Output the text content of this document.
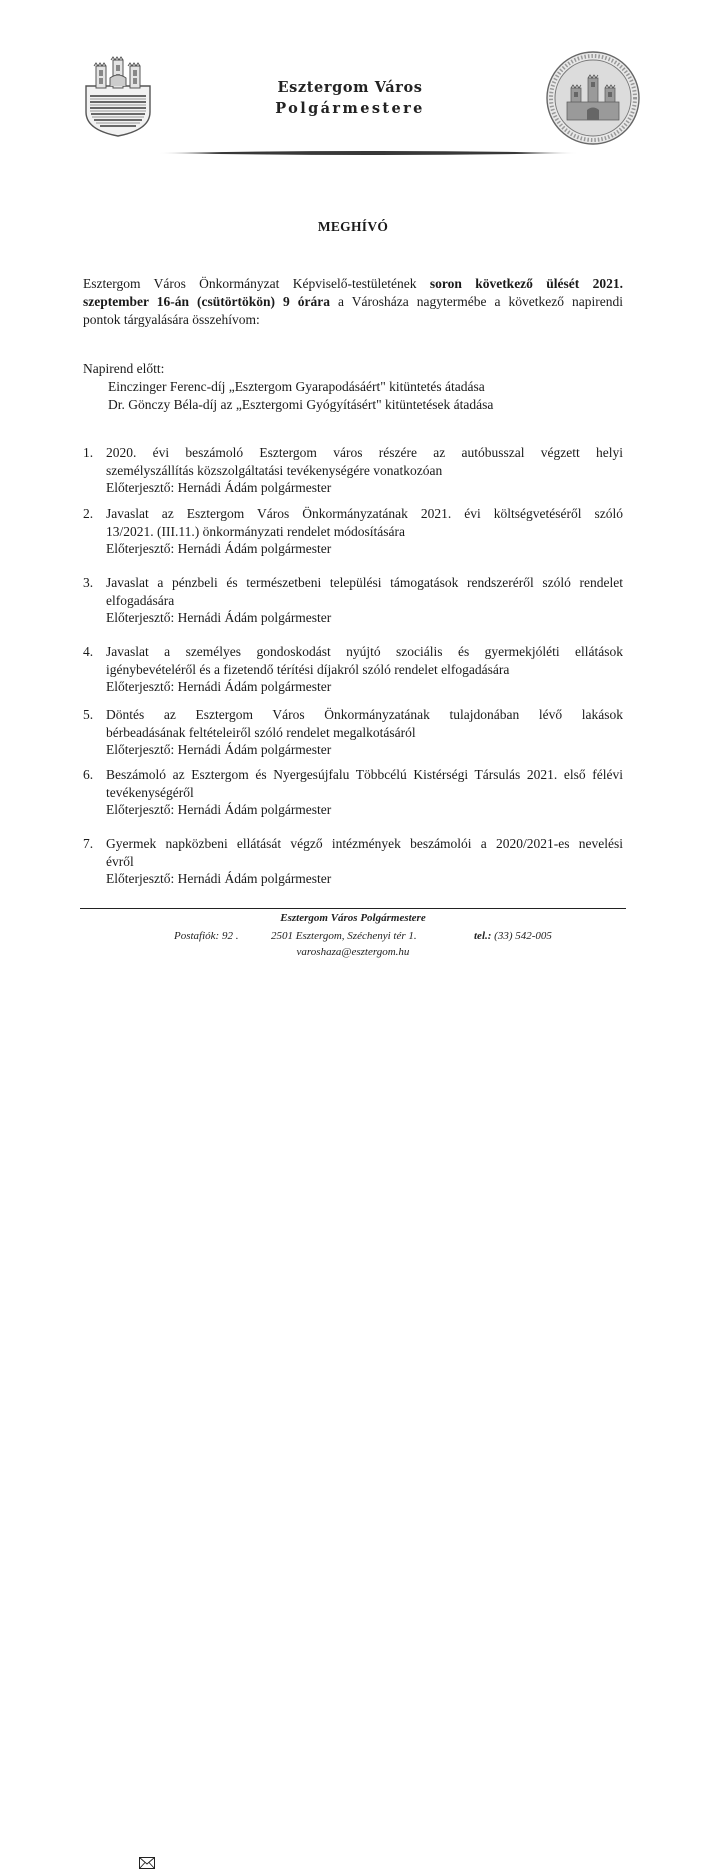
Esztergom Város
Polgármestere
MEGHÍVÓ
Esztergom Város Önkormányzat Képviselő-testületének soron következő ülését 2021.
szeptember 16-án (csütörtökön) 9 órára a Városháza nagytermébe a következő napirendi
pontok tárgyalására összehívom:
Napirend előtt:
Einczinger Ferenc-díj „Esztergom Gyarapodásáért" kitüntetés átadása
Dr. Gönczy Béla-díj az „Esztergomi Gyógyításért" kitüntetések átadása
1. 2020. évi beszámoló Esztergom város részére az autóbusszal végzett helyi
személyszállítás közszolgáltatási tevékenységére vonatkozóan
Előterjesztő: Hernádi Ádám polgármester
2. Javaslat az Esztergom Város Önkormányzatának 2021. évi költségvetéséről szóló
13/2021. (III.11.) önkormányzati rendelet módosítására
Előterjesztő: Hernádi Ádám polgármester
3. Javaslat a pénzbeli és természetbeni települési támogatások rendszeréről szóló rendelet
elfogadására
Előterjesztő: Hernádi Ádám polgármester
4. Javaslat a személyes gondoskodást nyújtó szociális és gyermekjóléti ellátások
igénybevételéről és a fizetendő térítési díjakról szóló rendelet elfogadására
Előterjesztő: Hernádi Ádám polgármester
5. Döntés az Esztergom Város Önkormányzatának tulajdonában lévő lakások
bérbeadásának feltételeiről szóló rendelet megalkotásáról
Előterjesztő: Hernádi Ádám polgármester
6. Beszámoló az Esztergom és Nyergesújfalu Többcélú Kistérségi Társulás 2021. első félévi
tevékenységéről
Előterjesztő: Hernádi Ádám polgármester
7. Gyermek napközbeni ellátását végző intézmények beszámolói a 2020/2021-es nevelési
évről
Előterjesztő: Hernádi Ádám polgármester
Esztergom Város Polgármestere
Postafiók: 92 .	2501 Esztergom, Széchenyi tér 1.	tel.: (33) 542-005
varoshaza@esztergom.hu
